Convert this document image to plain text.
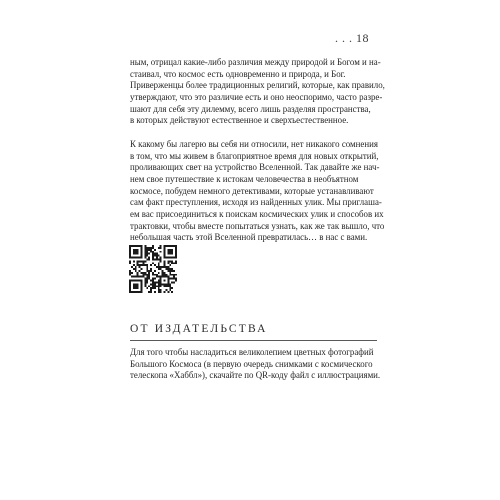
. . . 18
ным, отрицал какие-либо различия между природой и Богом и на-
стаивал, что космос есть одновременно и природа, и Бог.
Приверженцы более традиционных религий, которые, как правило,
утверждают, что это различие есть и оно неоспоримо, часто разре-
шают для себя эту дилемму, всего лишь разделяя пространства,
в которых действуют естественное и сверхъестественное.
К какому бы лагерю вы себя ни относили, нет никакого сомнения
в том, что мы живем в благоприятное время для новых открытий,
проливающих свет на устройство Вселенной. Так давайте же нач-
нем свое путешествие к истокам человечества в необъятном
космосе, побудем немного детективами, которые устанавливают
сам факт преступления, исходя из найденных улик. Мы приглаша-
ем вас присоединиться к поискам космических улик и способов их
трактовки, чтобы вместе попытаться узнать, как же так вышло, что
небольшая часть этой Вселенной превратилась… в нас с вами.
ОТ ИЗДАТЕЛЬСТВА
Для того чтобы насладиться великолепием цветных фотографий
Большого Космоса (в первую очередь снимками с космического
телескопа «Хаббл»), скачайте по QR-коду файл с иллюстрациями.
